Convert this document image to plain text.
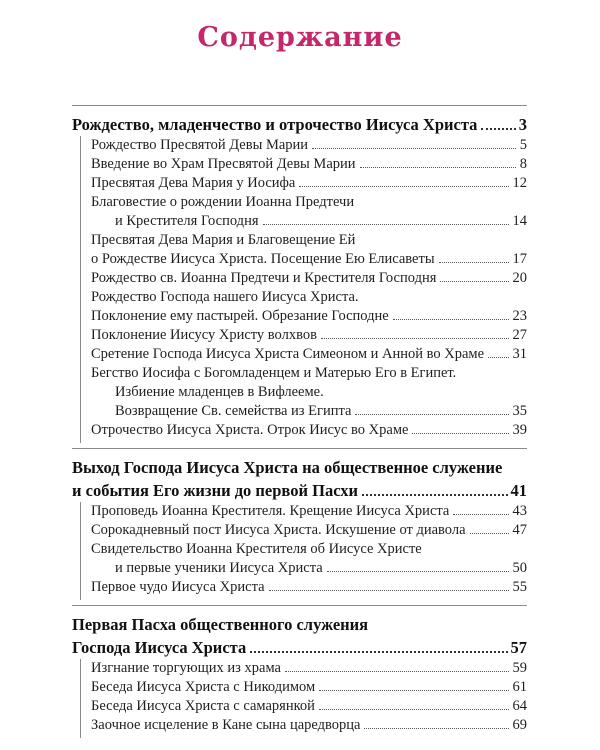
Содержание
Рождество, младенчество и отрочество Иисуса Христа	3
Рождество Пресвятой Девы Марии	5
Введение во Храм Пресвятой Девы Марии	8
Пресвятая Дева Мария у Иосифа	12
Благовестие о рождении Иоанна Предтечи
и Крестителя Господня	14
Пресвятая Дева Мария и Благовещение Ей
о Рождестве Иисуса Христа. Посещение Ею Елисаветы	17
Рождество св. Иоанна Предтечи и Крестителя Господня	20
Рождество Господа нашего Иисуса Христа.
Поклонение ему пастырей. Обрезание Господне	23
Поклонение Иисусу Христу волхвов	27
Сретение Господа Иисуса Христа Симеоном и Анной во Храме 31
Бегство Иосифа с Богомладенцем и Матерью Его в Египет.
Избиение младенцев в Вифлееме.
Возвращение Св. семейства из Египта	35
Отрочество Иисуса Христа. Отрок Иисус во Храме	39
Выход Господа Иисуса Христа на общественное служение
и события Его жизни до первой Пасхи	41
Проповедь Иоанна Крестителя. Крещение Иисуса Христа	43
Сорокадневный пост Иисуса Христа. Искушение от диавола	47
Свидетельство Иоанна Крестителя об Иисусе Христе
и первые ученики Иисуса Христа	50
Первое чудо Иисуса Христа	55
Первая Пасха общественного служения
Господа Иисуса Христа	57
Изгнание торгующих из храма	59
Беседа Иисуса Христа с Никодимом	61
Беседа Иисуса Христа с самарянкой	64
Заочное исцеление в Кане сына царедворца	69
